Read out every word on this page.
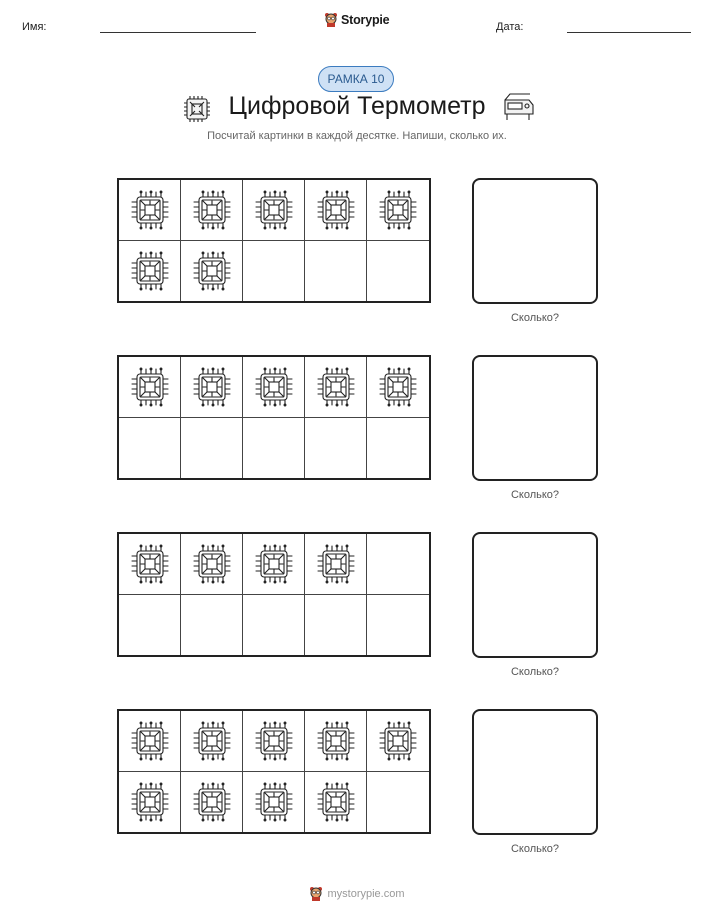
Имя:	Storypie	Дата:
РАМКА 10
Цифровой Термометр
Посчитай картинки в каждой десятке. Напиши, сколько их.
Сколько?
Сколько?
Сколько?
Сколько?
mystorypie.com
